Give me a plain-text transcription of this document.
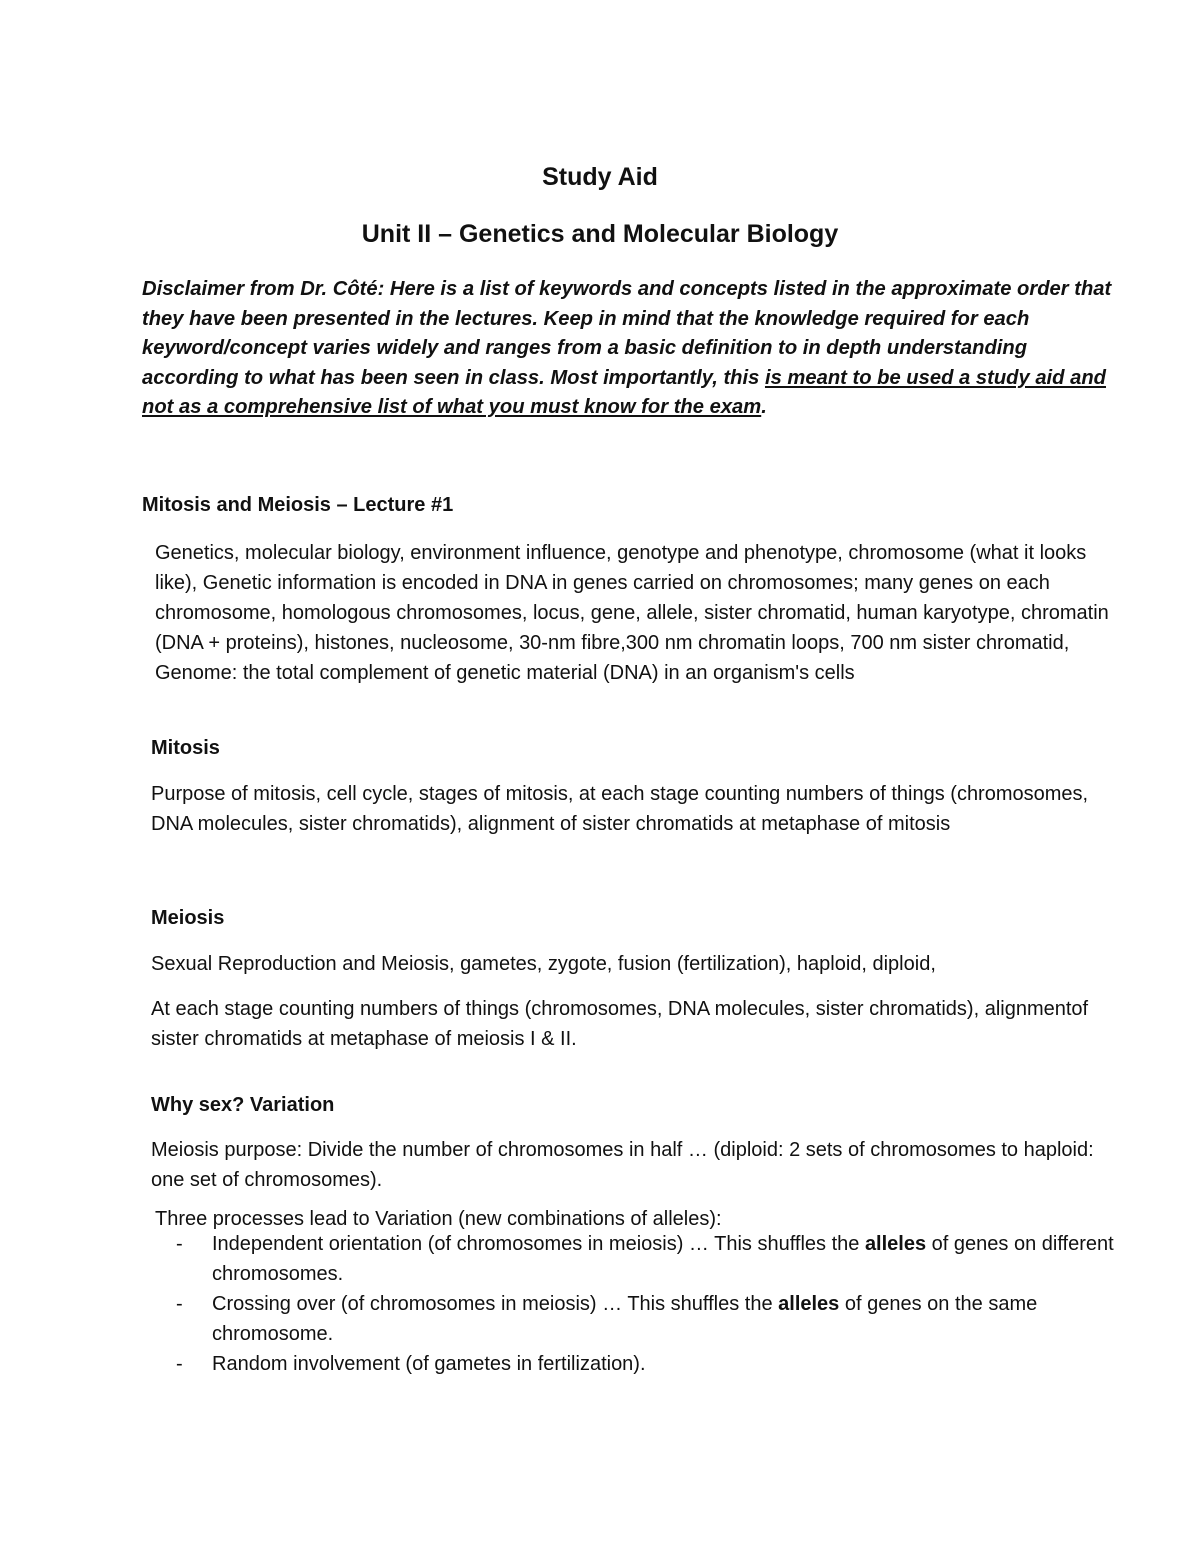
Study Aid
Unit II – Genetics and Molecular Biology

Disclaimer from Dr. Côté: Here is a list of keywords and concepts listed in the approximate order that they have been presented in the lectures. Keep in mind that the knowledge required for each keyword/concept varies widely and ranges from a basic definition to in depth understanding according to what has been seen in class. Most importantly, this is meant to be used a study aid and not as a comprehensive list of what you must know for the exam.

Mitosis and Meiosis – Lecture #1

Genetics, molecular biology, environment influence, genotype and phenotype, chromosome (what it looks like), Genetic information is encoded in DNA in genes carried on chromosomes; many genes on each chromosome, homologous chromosomes, locus, gene, allele, sister chromatid, human karyotype, chromatin (DNA + proteins), histones, nucleosome, 30-nm fibre,300 nm chromatin loops, 700 nm sister chromatid, Genome: the total complement of genetic material (DNA) in an organism's cells

Mitosis

Purpose of mitosis, cell cycle, stages of mitosis, at each stage counting numbers of things (chromosomes, DNA molecules, sister chromatids), alignment of sister chromatids at metaphase of mitosis

Meiosis

Sexual Reproduction and Meiosis, gametes, zygote, fusion (fertilization), haploid, diploid,

At each stage counting numbers of things (chromosomes, DNA molecules, sister chromatids), alignmentof sister chromatids at metaphase of meiosis I & II.

Why sex? Variation

Meiosis purpose: Divide the number of chromosomes in half … (diploid: 2 sets of chromosomes to haploid: one set of chromosomes).

Three processes lead to Variation (new combinations of alleles):

- Independent orientation (of chromosomes in meiosis) … This shuffles the alleles of genes on different chromosomes.
- Crossing over (of chromosomes in meiosis) … This shuffles the alleles of genes on the same chromosome.
- Random involvement (of gametes in fertilization).
